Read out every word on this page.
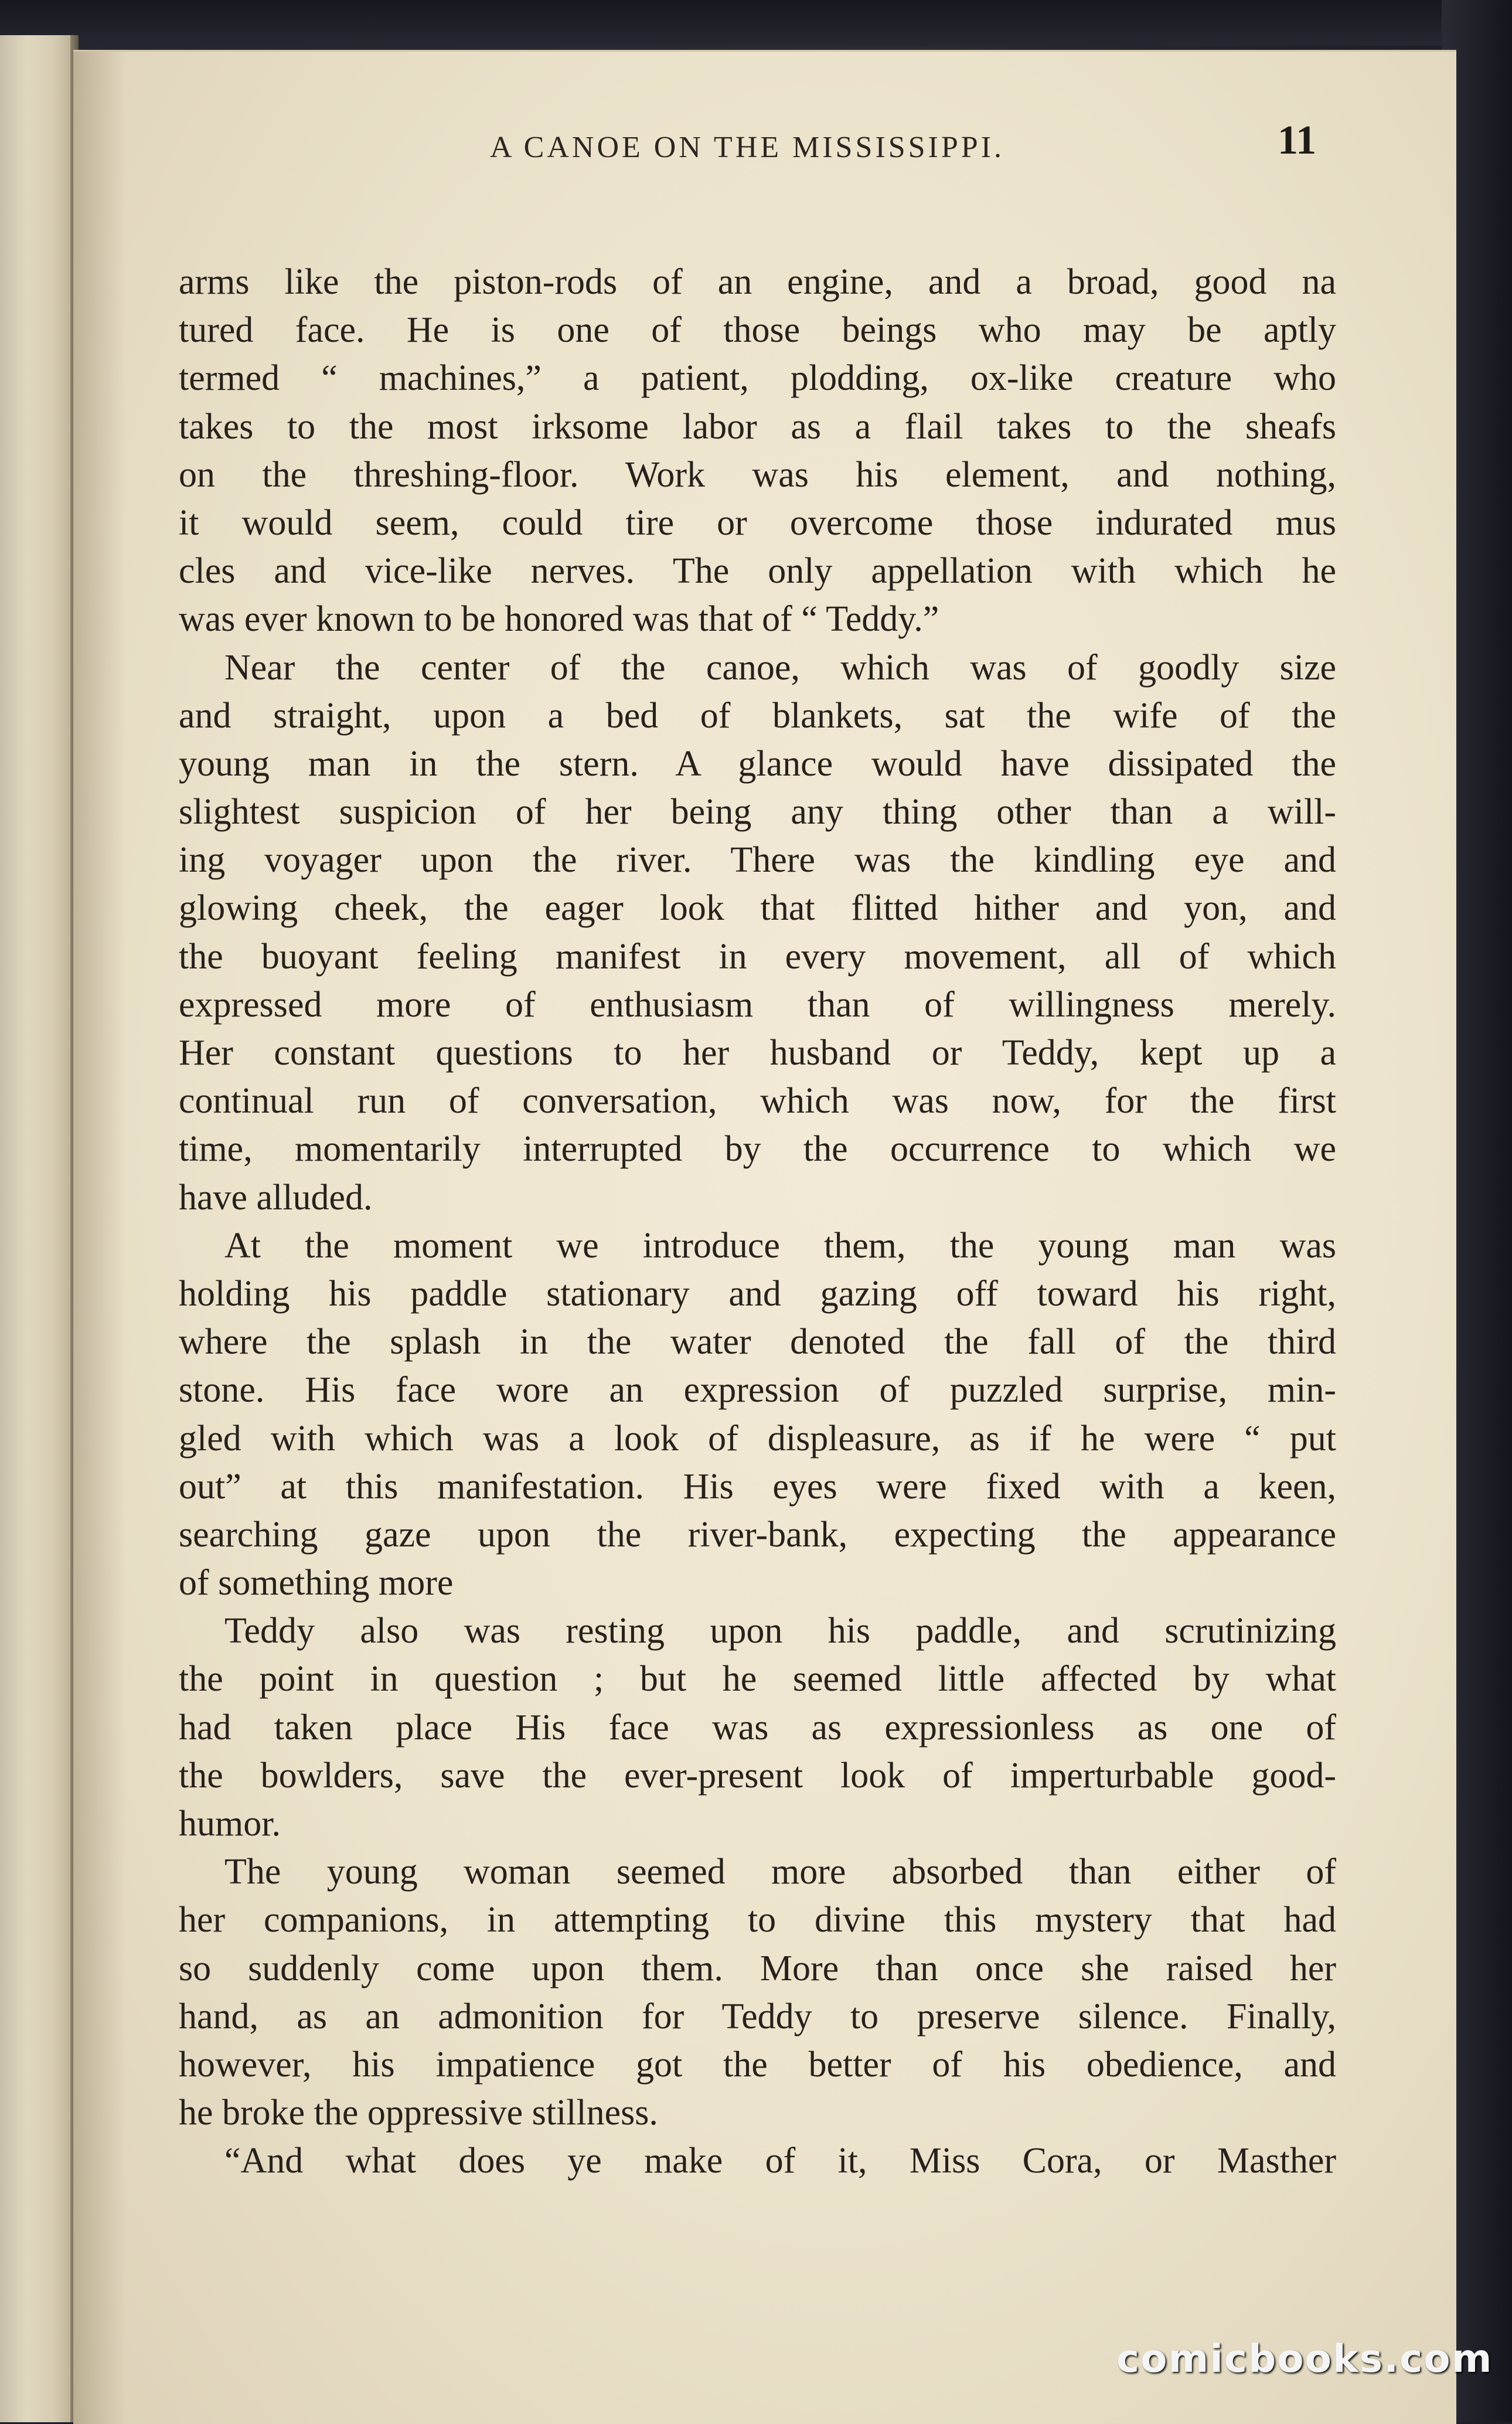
A CANOE ON THE MISSISSIPPI.	11
arms like the piston-rods of an engine, and a broad, good na
tured face. He is one of those beings who may be aptly
termed “ machines,” a patient, plodding, ox-like creature who
takes to the most irksome labor as a flail takes to the sheafs
on the threshing-floor. Work was his element, and nothing,
it would seem, could tire or overcome those indurated mus
cles and vice-like nerves. The only appellation with which he
was ever known to be honored was that of “ Teddy.”
Near the center of the canoe, which was of goodly size
and straight, upon a bed of blankets, sat the wife of the
young man in the stern. A glance would have dissipated the
slightest suspicion of her being any thing other than a will-
ing voyager upon the river. There was the kindling eye and
glowing cheek, the eager look that flitted hither and yon, and
the buoyant feeling manifest in every movement, all of which
expressed more of enthusiasm than of willingness merely.
Her constant questions to her husband or Teddy, kept up a
continual run of conversation, which was now, for the first
time, momentarily interrupted by the occurrence to which we
have alluded.
At the moment we introduce them, the young man was
holding his paddle stationary and gazing off toward his right,
where the splash in the water denoted the fall of the third
stone. His face wore an expression of puzzled surprise, min-
gled with which was a look of displeasure, as if he were “ put
out” at this manifestation. His eyes were fixed with a keen,
searching gaze upon the river-bank, expecting the appearance
of something more
Teddy also was resting upon his paddle, and scrutinizing
the point in question ; but he seemed little affected by what
had taken place His face was as expressionless as one of
the bowlders, save the ever-present look of imperturbable good-
humor.
The young woman seemed more absorbed than either of
her companions, in attempting to divine this mystery that had
so suddenly come upon them. More than once she raised her
hand, as an admonition for Teddy to preserve silence. Finally,
however, his impatience got the better of his obedience, and
he broke the oppressive stillness.
“And what does ye make of it, Miss Cora, or Masther
comicbooks.com
